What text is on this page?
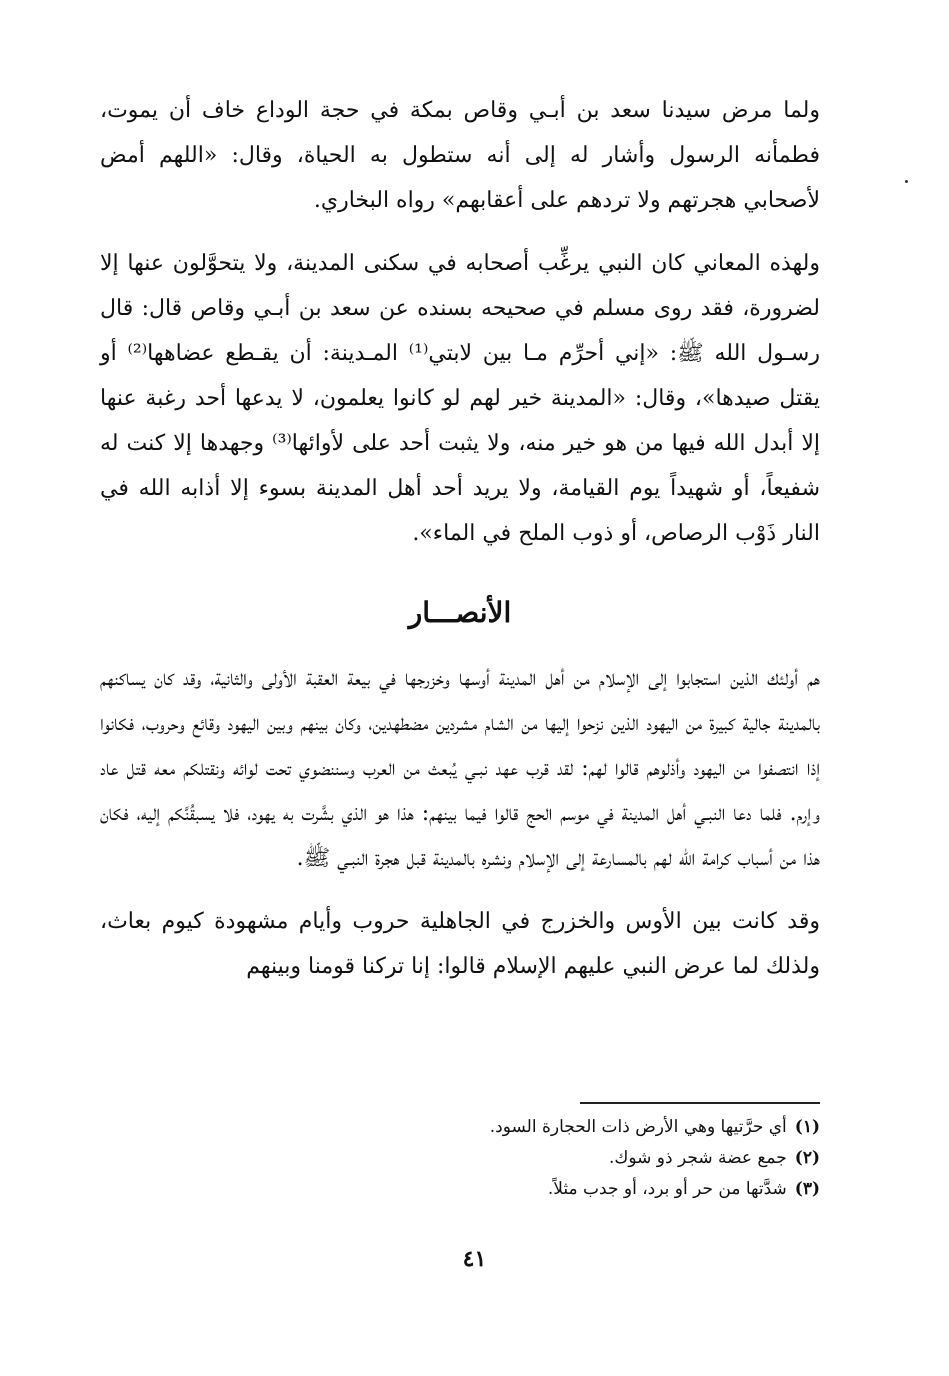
ولما مرض سيدنا سعد بن أبـي وقاص بمكة في حجة الوداع خاف أن يموت، فطمأنه الرسول وأشار له إلى أنه ستطول به الحياة، وقال: «اللهم أمض لأصحابي هجرتهم ولا تردهم على أعقابهم» رواه البخاري.

ولهذه المعاني كان النبي يرغِّب أصحابه في سكنى المدينة، ولا يتحوَّلون عنها إلا لضرورة، فقد روى مسلم في صحيحه بسنده عن سعد بن أبـي وقاص قال: قال رسـول الله ﷺ: «إني أحرِّم مـا بين لابتي⁽¹⁾ المـدينة: أن يقـطع عضاهها⁽²⁾ أو يقتل صيدها»، وقال: «المدينة خير لهم لو كانوا يعلمون، لا يدعها أحد رغبة عنها إلا أبدل الله فيها من هو خير منه، ولا يثبت أحد على لأوائها⁽³⁾ وجهدها إلا كنت له شفيعاً، أو شهيداً يوم القيامة، ولا يريد أحد أهل المدينة بسوء إلا أذابه الله في النار ذَوْب الرصاص، أو ذوب الملح في الماء».

الأنصـــار

هم أولئك الذين استجابوا إلى الإسلام من أهل المدينة أوسها وخزرجها في بيعة العقبة الأولى والثانية، وقد كان يساكنهم بالمدينة جالية كبيرة من اليهود الذين نزحوا إليها من الشام مشردين مضطهدين، وكان بينهم وبين اليهود وقائع وحروب، فكانوا إذا انتصفوا من اليهود وأذلوهم قالوا لهم: لقد قرب عهد نبـي يُبعث من العرب وسننضوي تحت لوائه ونقتلكم معه قتل عاد وإرم. فلما دعا النبـي أهل المدينة في موسم الحج قالوا فيما بينهم: هذا هو الذي بشَّرت به يهود، فلا يسبقُنَّكم إليه، فكان هذا من أسباب كرامة الله لهم بالمسارعة إلى الإسلام ونشره بالمدينة قبل هجرة النبـي ﷺ.

وقد كانت بين الأوس والخزرج في الجاهلية حروب وأيام مشهودة كيوم بعاث، ولذلك لما عرض النبي عليهم الإسلام قالوا: إنا تركنا قومنا وبينهم

(١)
أي حرَّتيها وهي الأرض ذات الحجارة السود.
(٢)
جمع عضة شجر ذو شوك.
(٣)
شدَّتها من حر أو برد، أو جدب مثلاً.
٤١
